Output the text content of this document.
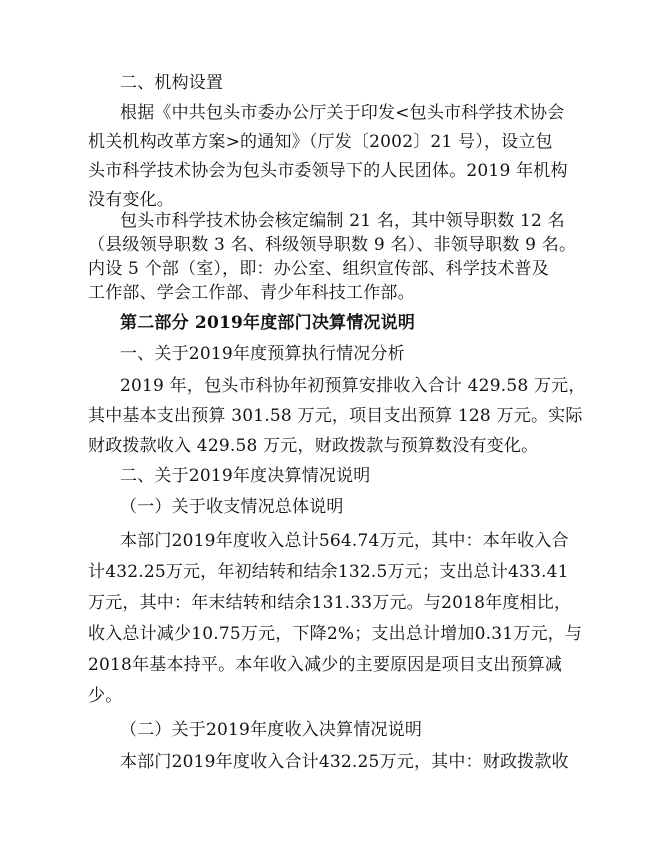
二、机构设置
根据《中共包头市委办公厅关于印发<包头市科学技术协会
机关机构改革方案>的通知》（厅发〔2002〕21 号），设立包
头市科学技术协会为包头市委领导下的人民团体。2019 年机构
没有变化。
包头市科学技术协会核定编制 21 名，其中领导职数 12 名
（县级领导职数 3 名、科级领导职数 9 名）、非领导职数 9 名。
内设 5 个部（室），即：办公室、组织宣传部、科学技术普及
工作部、学会工作部、青少年科技工作部。
第二部分 2019年度部门决算情况说明
一、关于2019年度预算执行情况分析
2019 年，包头市科协年初预算安排收入合计 429.58 万元，
其中基本支出预算 301.58 万元，项目支出预算 128 万元。实际
财政拨款收入 429.58 万元，财政拨款与预算数没有变化。
二、关于2019年度决算情况说明
（一）关于收支情况总体说明
本部门2019年度收入总计564.74万元，其中：本年收入合
计432.25万元，年初结转和结余132.5万元；支出总计433.41
万元，其中：年末结转和结余131.33万元。与2018年度相比，
收入总计减少10.75万元，下降2%；支出总计增加0.31万元，与
2018年基本持平。本年收入减少的主要原因是项目支出预算减
少。
（二）关于2019年度收入决算情况说明
本部门2019年度收入合计432.25万元，其中：财政拨款收
